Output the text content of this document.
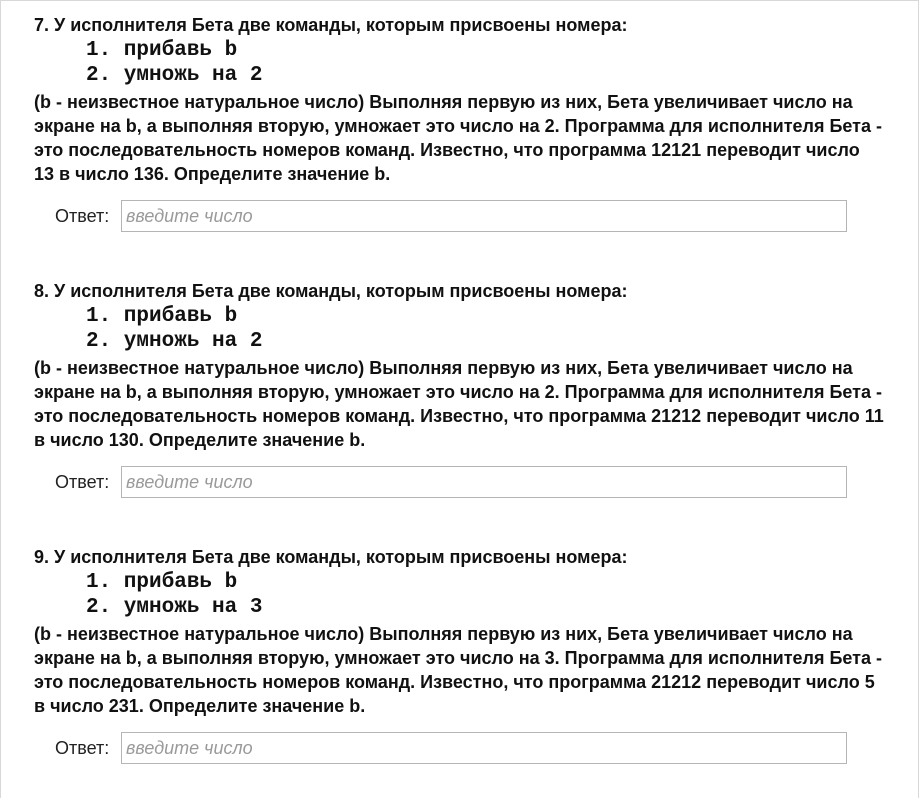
7. У исполнителя Бета две команды, которым присвоены номера:

1. прибавь b
2. умножь на 2

(b - неизвестное натуральное число) Выполняя первую из них, Бета увеличивает число на экране на b, а выполняя вторую, умножает это число на 2. Программа для исполнителя Бета - это последовательность номеров команд. Известно, что программа 12121 переводит число 13 в число 136. Определите значение b.

Ответ:
введите число

8. У исполнителя Бета две команды, которым присвоены номера:

1. прибавь b
2. умножь на 2

(b - неизвестное натуральное число) Выполняя первую из них, Бета увеличивает число на экране на b, а выполняя вторую, умножает это число на 2. Программа для исполнителя Бета - это последовательность номеров команд. Известно, что программа 21212 переводит число 11 в число 130. Определите значение b.

Ответ:
введите число

9. У исполнителя Бета две команды, которым присвоены номера:

1. прибавь b
2. умножь на 3

(b - неизвестное натуральное число) Выполняя первую из них, Бета увеличивает число на экране на b, а выполняя вторую, умножает это число на 3. Программа для исполнителя Бета - это последовательность номеров команд. Известно, что программа 21212 переводит число 5 в число 231. Определите значение b.

Ответ:
введите число
